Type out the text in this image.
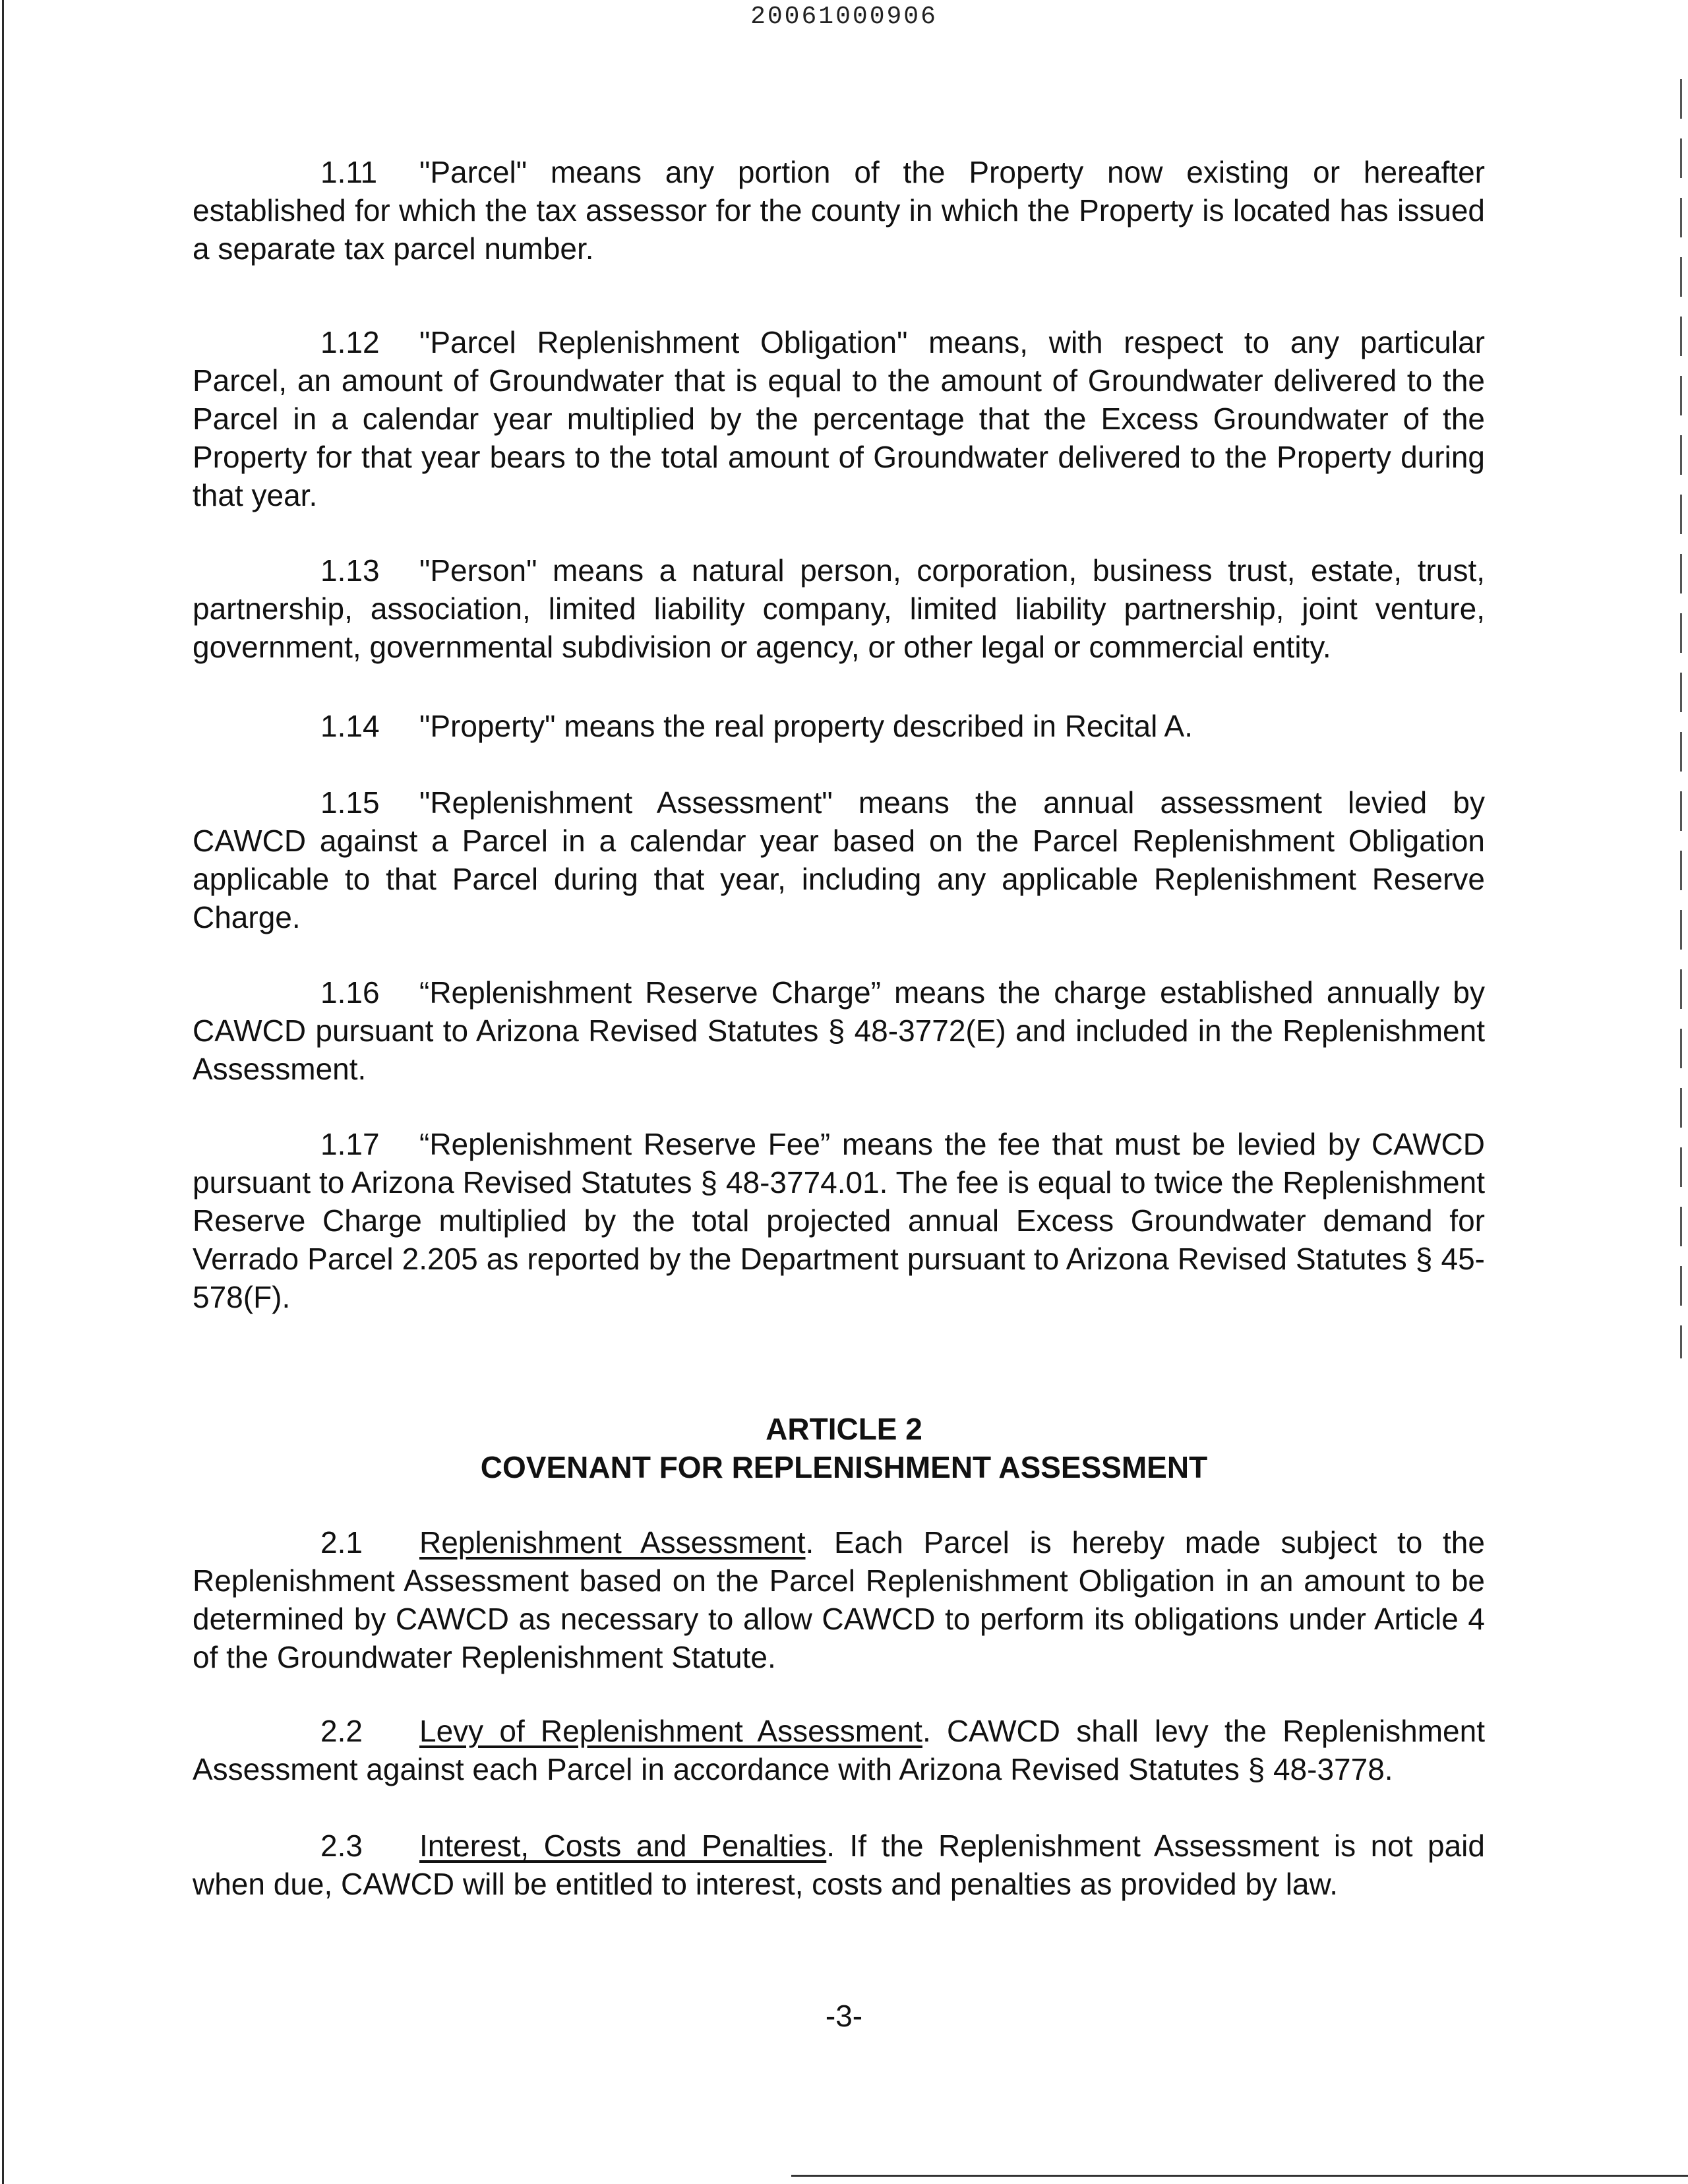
20061000906

1.11 "Parcel" means any portion of the Property now existing or hereafter established for which the tax assessor for the county in which the Property is located has issued a separate tax parcel number.

1.12 "Parcel Replenishment Obligation" means, with respect to any particular Parcel, an amount of Groundwater that is equal to the amount of Groundwater delivered to the Parcel in a calendar year multiplied by the percentage that the Excess Groundwater of the Property for that year bears to the total amount of Groundwater delivered to the Property during that year.

1.13 "Person" means a natural person, corporation, business trust, estate, trust, partnership, association, limited liability company, limited liability partnership, joint venture, government, governmental subdivision or agency, or other legal or commercial entity.

1.14 "Property" means the real property described in Recital A.

1.15 "Replenishment Assessment" means the annual assessment levied by CAWCD against a Parcel in a calendar year based on the Parcel Replenishment Obligation applicable to that Parcel during that year, including any applicable Replenishment Reserve Charge.

1.16 “Replenishment Reserve Charge” means the charge established annually by CAWCD pursuant to Arizona Revised Statutes § 48-3772(E) and included in the Replenishment Assessment.

1.17 “Replenishment Reserve Fee” means the fee that must be levied by CAWCD pursuant to Arizona Revised Statutes § 48-3774.01. The fee is equal to twice the Replenishment Reserve Charge multiplied by the total projected annual Excess Groundwater demand for Verrado Parcel 2.205 as reported by the Department pursuant to Arizona Revised Statutes § 45-578(F).

ARTICLE 2
COVENANT FOR REPLENISHMENT ASSESSMENT

2.1 Replenishment Assessment. Each Parcel is hereby made subject to the Replenishment Assessment based on the Parcel Replenishment Obligation in an amount to be determined by CAWCD as necessary to allow CAWCD to perform its obligations under Article 4 of the Groundwater Replenishment Statute.

2.2 Levy of Replenishment Assessment. CAWCD shall levy the Replenishment Assessment against each Parcel in accordance with Arizona Revised Statutes § 48-3778.

2.3 Interest, Costs and Penalties. If the Replenishment Assessment is not paid when due, CAWCD will be entitled to interest, costs and penalties as provided by law.

-3-
